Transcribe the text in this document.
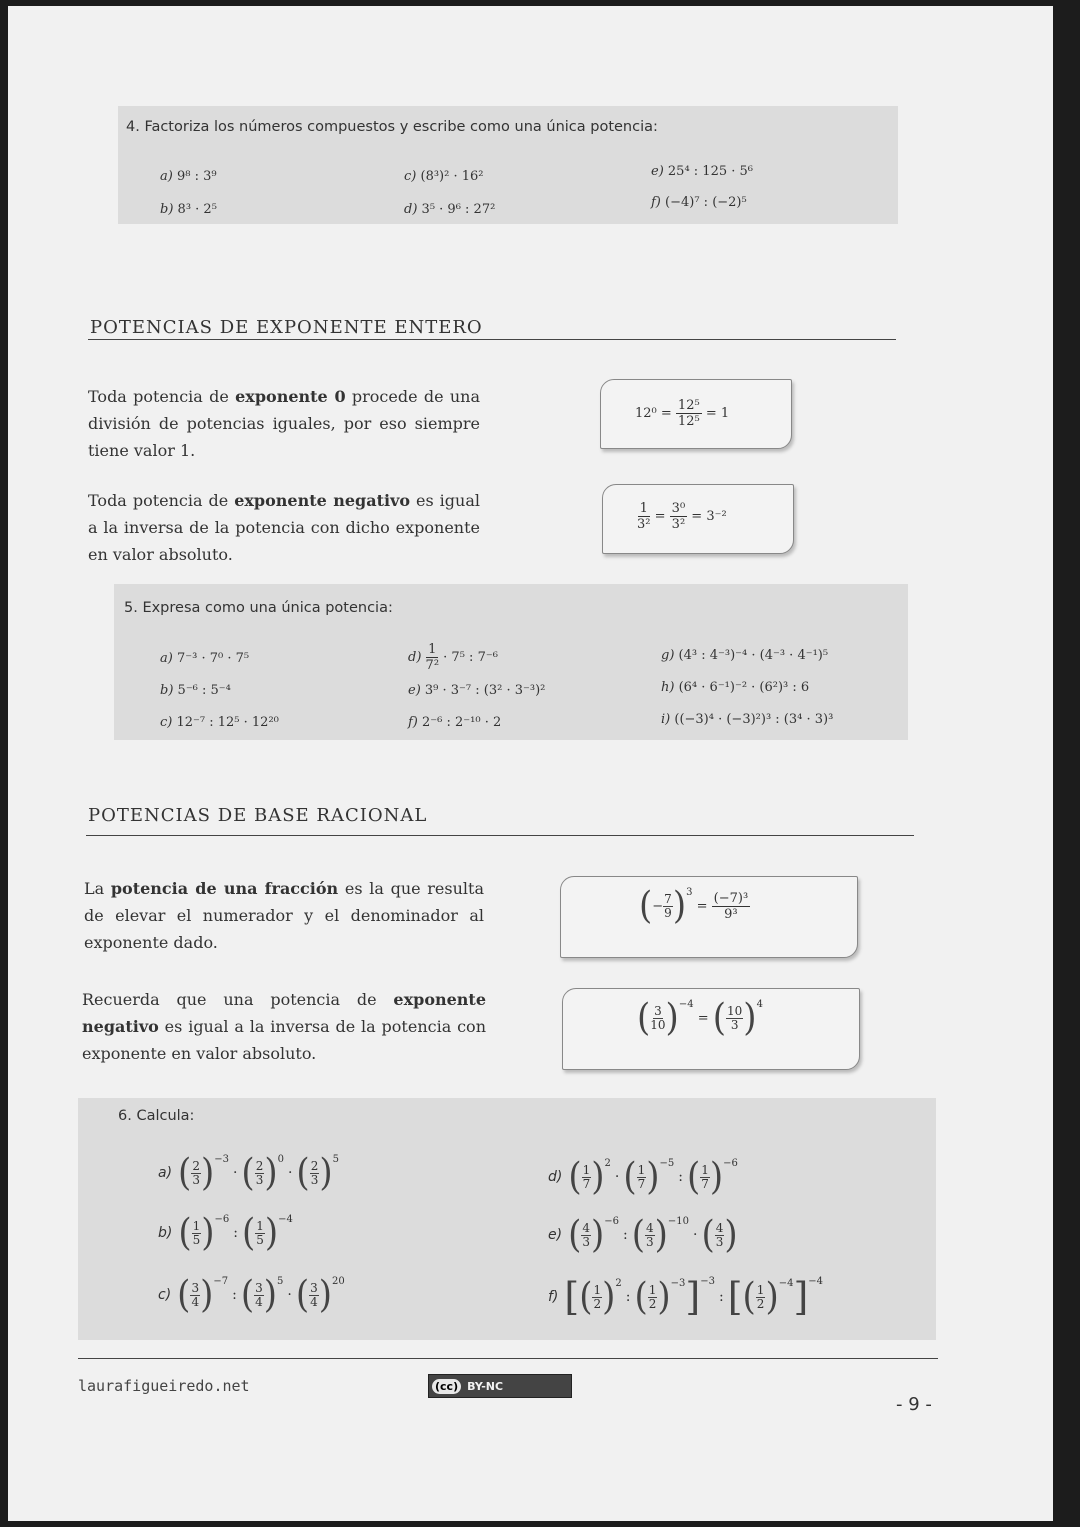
4. Factoriza los números compuestos y escribe como una única potencia:
a) 9⁸ : 3⁹
b) 8³ · 2⁵
c) (8³)² · 16²
d) 3⁵ · 9⁶ : 27²
e) 25⁴ : 125 · 5⁶
f) (−4)⁷ : (−2)⁵
POTENCIAS DE EXPONENTE ENTERO
Toda potencia de exponente 0 procede de una división de potencias iguales, por eso siempre tiene valor 1.
Toda potencia de exponente negativo es igual a la inversa de la potencia con dicho exponente en valor absoluto.
12⁰ =
$\frac{\text{12⁵}}{\text{12⁵}}$
= 1
$\frac{1}{\text{3²}}$
=
$\frac{\text{3⁰}}{\text{3²}}$
= 3⁻²
5. Expresa como una única potencia:
a) 7⁻³ · 7⁰ · 7⁵
b) 5⁻⁶ : 5⁻⁴
c) 12⁻⁷ : 12⁵ · 12²⁰
d)
$\frac{1}{\text{7²}}$
· 7⁵ : 7⁻⁶
e) 3⁹ · 3⁻⁷ : (3² · 3⁻³)²
f) 2⁻⁶ : 2⁻¹⁰ · 2
g) (4³ : 4⁻³)⁻⁴ · (4⁻³ · 4⁻¹)⁵
h) (6⁴ · 6⁻¹)⁻² · (6²)³ : 6
i) ((−3)⁴ · (−3)²)³ : (3⁴ · 3)³
POTENCIAS DE BASE RACIONAL
La potencia de una fracción es la que resulta de elevar el numerador y el denominador al exponente dado.
Recuerda que una potencia de exponente negativo es igual a la inversa de la potencia con exponente en valor absoluto.
( − $\frac{7}{9}$ ) 3

=
$\frac{\text{(−7)³}}{\text{9³}}$
( $\frac{3}{10}$ ) −4

=
( $\frac{10}{3}$ ) 4
6. Calcula:
a) ( 2
3 ) −3
· ( 2
3 ) 0
· ( 2
3 ) 5
b) ( 1
5 ) −6
: ( 1
5 ) −4
c) ( 3
4 ) −7
: ( 3
4 ) 5
· ( 3
4 ) 20
d) ( 1
7 ) 2
· ( 1
7 ) −5
: ( 1
7 ) −6
e) ( 4
3 ) −6
: ( 4
3 ) −10
· ( 4
3 )
f) [ ( 1
2 ) 2
: ( 1
2 ) −3 ] −3
: [ ( 1
2 ) −4 ] −4
laurafigueiredo.net	(cc) BY-NC
- 9 -
